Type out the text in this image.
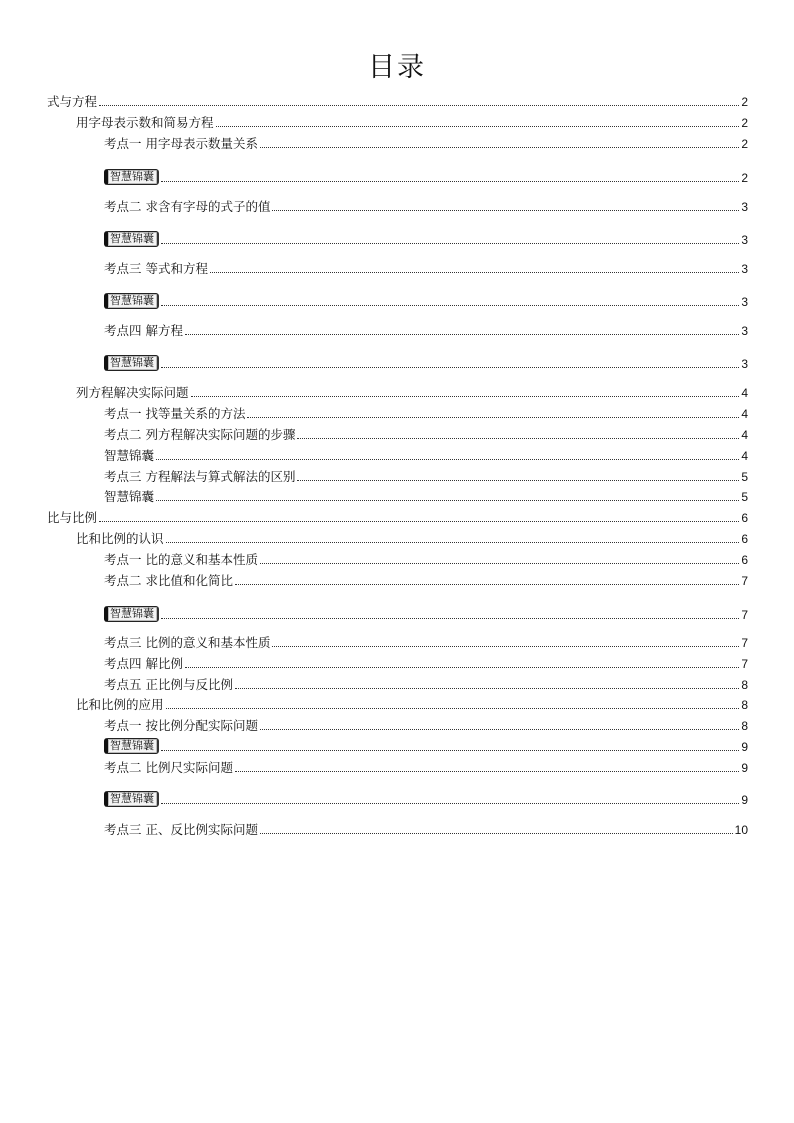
目录
式与方程	2
用字母表示数和简易方程	2
考点一 用字母表示数量关系	2
智慧锦囊	2
考点二 求含有字母的式子的值	3
智慧锦囊	3
考点三 等式和方程	3
智慧锦囊	3
考点四 解方程	3
智慧锦囊	3
列方程解决实际问题	4
考点一 找等量关系的方法	4
考点二 列方程解决实际问题的步骤	4
智慧锦囊	4
考点三 方程解法与算式解法的区别	5
智慧锦囊	5
比与比例	6
比和比例的认识	6
考点一 比的意义和基本性质	6
考点二 求比值和化简比	7
智慧锦囊	7
考点三 比例的意义和基本性质	7
考点四 解比例	7
考点五 正比例与反比例	8
比和比例的应用	8
考点一 按比例分配实际问题	8
智慧锦囊	9
考点二 比例尺实际问题	9
智慧锦囊	9
考点三 正、反比例实际问题	10
